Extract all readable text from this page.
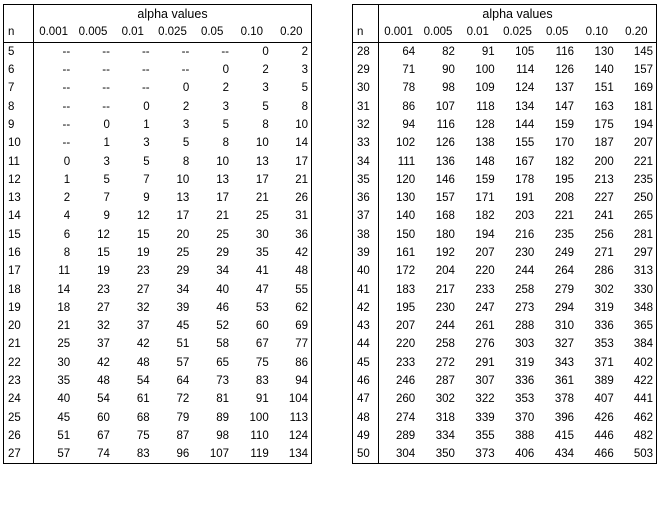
	alpha values						
n	0.001	0.005	0.01	0.025	0.05	0.10	0.20
5	--	--	--	--	--	0	2
6	--	--	--	--	0	2	3
7	--	--	--	0	2	3	5
8	--	--	0	2	3	5	8
9	--	0	1	3	5	8	10
10	--	1	3	5	8	10	14
11	0	3	5	8	10	13	17
12	1	5	7	10	13	17	21
13	2	7	9	13	17	21	26
14	4	9	12	17	21	25	31
15	6	12	15	20	25	30	36
16	8	15	19	25	29	35	42
17	11	19	23	29	34	41	48
18	14	23	27	34	40	47	55
19	18	27	32	39	46	53	62
20	21	32	37	45	52	60	69
21	25	37	42	51	58	67	77
22	30	42	48	57	65	75	86
23	35	48	54	64	73	83	94
24	40	54	61	72	81	91	104
25	45	60	68	79	89	100	113
26	51	67	75	87	98	110	124
27	57	74	83	96	107	119	134
	alpha values						
n	0.001	0.005	0.01	0.025	0.05	0.10	0.20
28	64	82	91	105	116	130	145
29	71	90	100	114	126	140	157
30	78	98	109	124	137	151	169
31	86	107	118	134	147	163	181
32	94	116	128	144	159	175	194
33	102	126	138	155	170	187	207
34	111	136	148	167	182	200	221
35	120	146	159	178	195	213	235
36	130	157	171	191	208	227	250
37	140	168	182	203	221	241	265
38	150	180	194	216	235	256	281
39	161	192	207	230	249	271	297
40	172	204	220	244	264	286	313
41	183	217	233	258	279	302	330
42	195	230	247	273	294	319	348
43	207	244	261	288	310	336	365
44	220	258	276	303	327	353	384
45	233	272	291	319	343	371	402
46	246	287	307	336	361	389	422
47	260	302	322	353	378	407	441
48	274	318	339	370	396	426	462
49	289	334	355	388	415	446	482
50	304	350	373	406	434	466	503
